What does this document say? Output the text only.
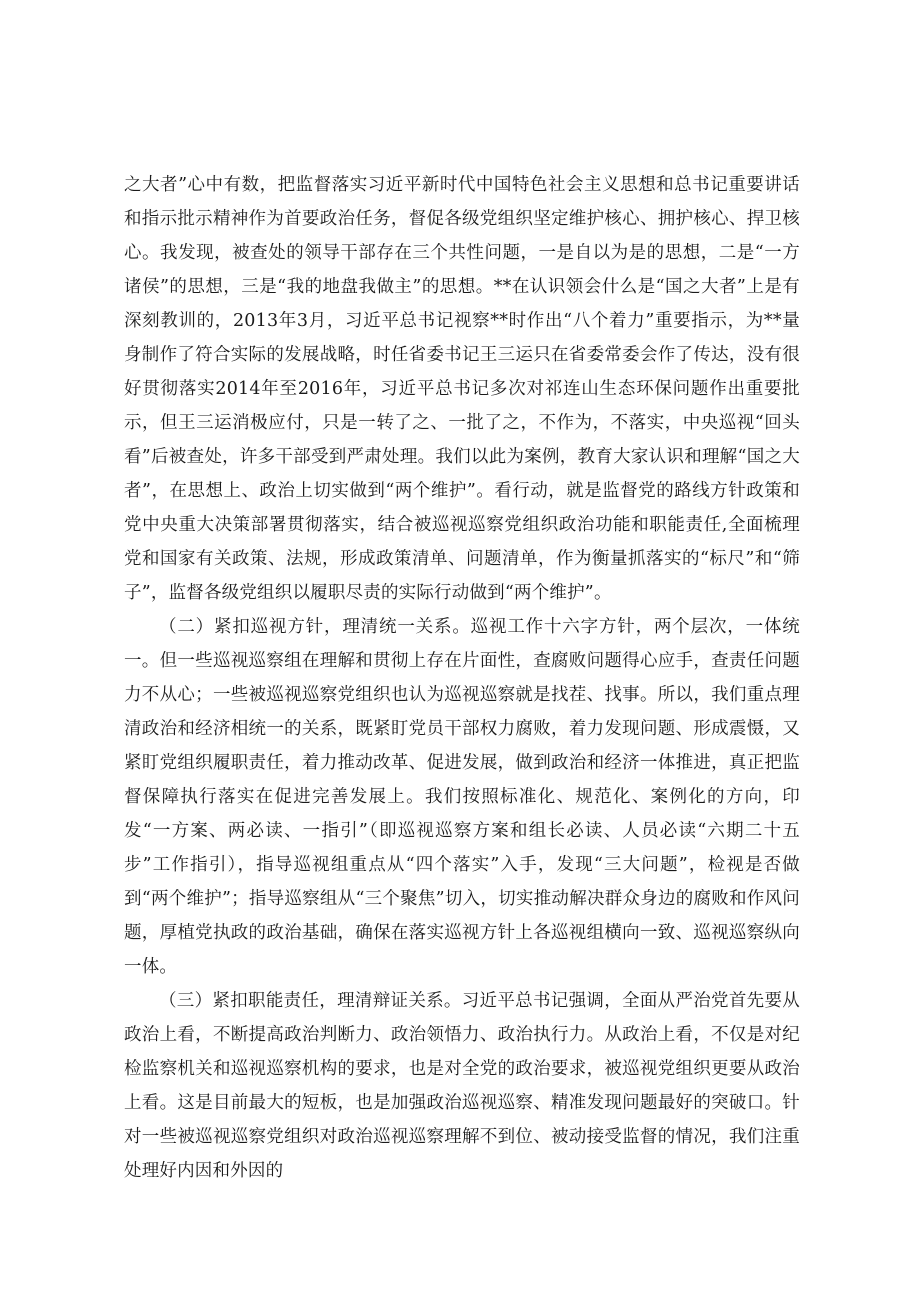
之大者”心中有数，把监督落实习近平新时代中国特色社会主义思想和总书记重要讲话和指示批示精神作为首要政治任务，督促各级党组织坚定维护核心、拥护核心、捍卫核心。我发现，被查处的领导干部存在三个共性问题，一是自以为是的思想，二是“一方诸侯”的思想，三是“我的地盘我做主”的思想。**在认识领会什么是“国之大者”上是有深刻教训的，2013年3月，习近平总书记视察**时作出“八个着力”重要指示，为**量身制作了符合实际的发展战略，时任省委书记王三运只在省委常委会作了传达，没有很好贯彻落实2014年至2016年，习近平总书记多次对祁连山生态环保问题作出重要批示，但王三运消极应付，只是一转了之、一批了之，不作为，不落实，中央巡视“回头看”后被查处，许多干部受到严肃处理。我们以此为案例，教育大家认识和理解“国之大者”，在思想上、政治上切实做到“两个维护”。看行动，就是监督党的路线方针政策和党中央重大决策部署贯彻落实，结合被巡视巡察党组织政治功能和职能责任,全面梳理党和国家有关政策、法规，形成政策清单、问题清单，作为衡量抓落实的“标尺”和“筛子”，监督各级党组织以履职尽责的实际行动做到“两个维护”。

（二）紧扣巡视方针，理清统一关系。巡视工作十六字方针，两个层次，一体统一。但一些巡视巡察组在理解和贯彻上存在片面性，查腐败问题得心应手，查责任问题力不从心；一些被巡视巡察党组织也认为巡视巡察就是找茬、找事。所以，我们重点理清政治和经济相统一的关系，既紧盯党员干部权力腐败，着力发现问题、形成震慑，又紧盯党组织履职责任，着力推动改革、促进发展，做到政治和经济一体推进，真正把监督保障执行落实在促进完善发展上。我们按照标准化、规范化、案例化的方向，印发“一方案、两必读、一指引”（即巡视巡察方案和组长必读、人员必读“六期二十五步”工作指引），指导巡视组重点从“四个落实”入手，发现“三大问题”，检视是否做到“两个维护”；指导巡察组从“三个聚焦”切入，切实推动解决群众身边的腐败和作风问题，厚植党执政的政治基础，确保在落实巡视方针上各巡视组横向一致、巡视巡察纵向一体。

（三）紧扣职能责任，理清辩证关系。习近平总书记强调，全面从严治党首先要从政治上看，不断提高政治判断力、政治领悟力、政治执行力。从政治上看，不仅是对纪检监察机关和巡视巡察机构的要求，也是对全党的政治要求，被巡视党组织更要从政治上看。这是目前最大的短板，也是加强政治巡视巡察、精准发现问题最好的突破口。针对一些被巡视巡察党组织对政治巡视巡察理解不到位、被动接受监督的情况，我们注重处理好内因和外因的
